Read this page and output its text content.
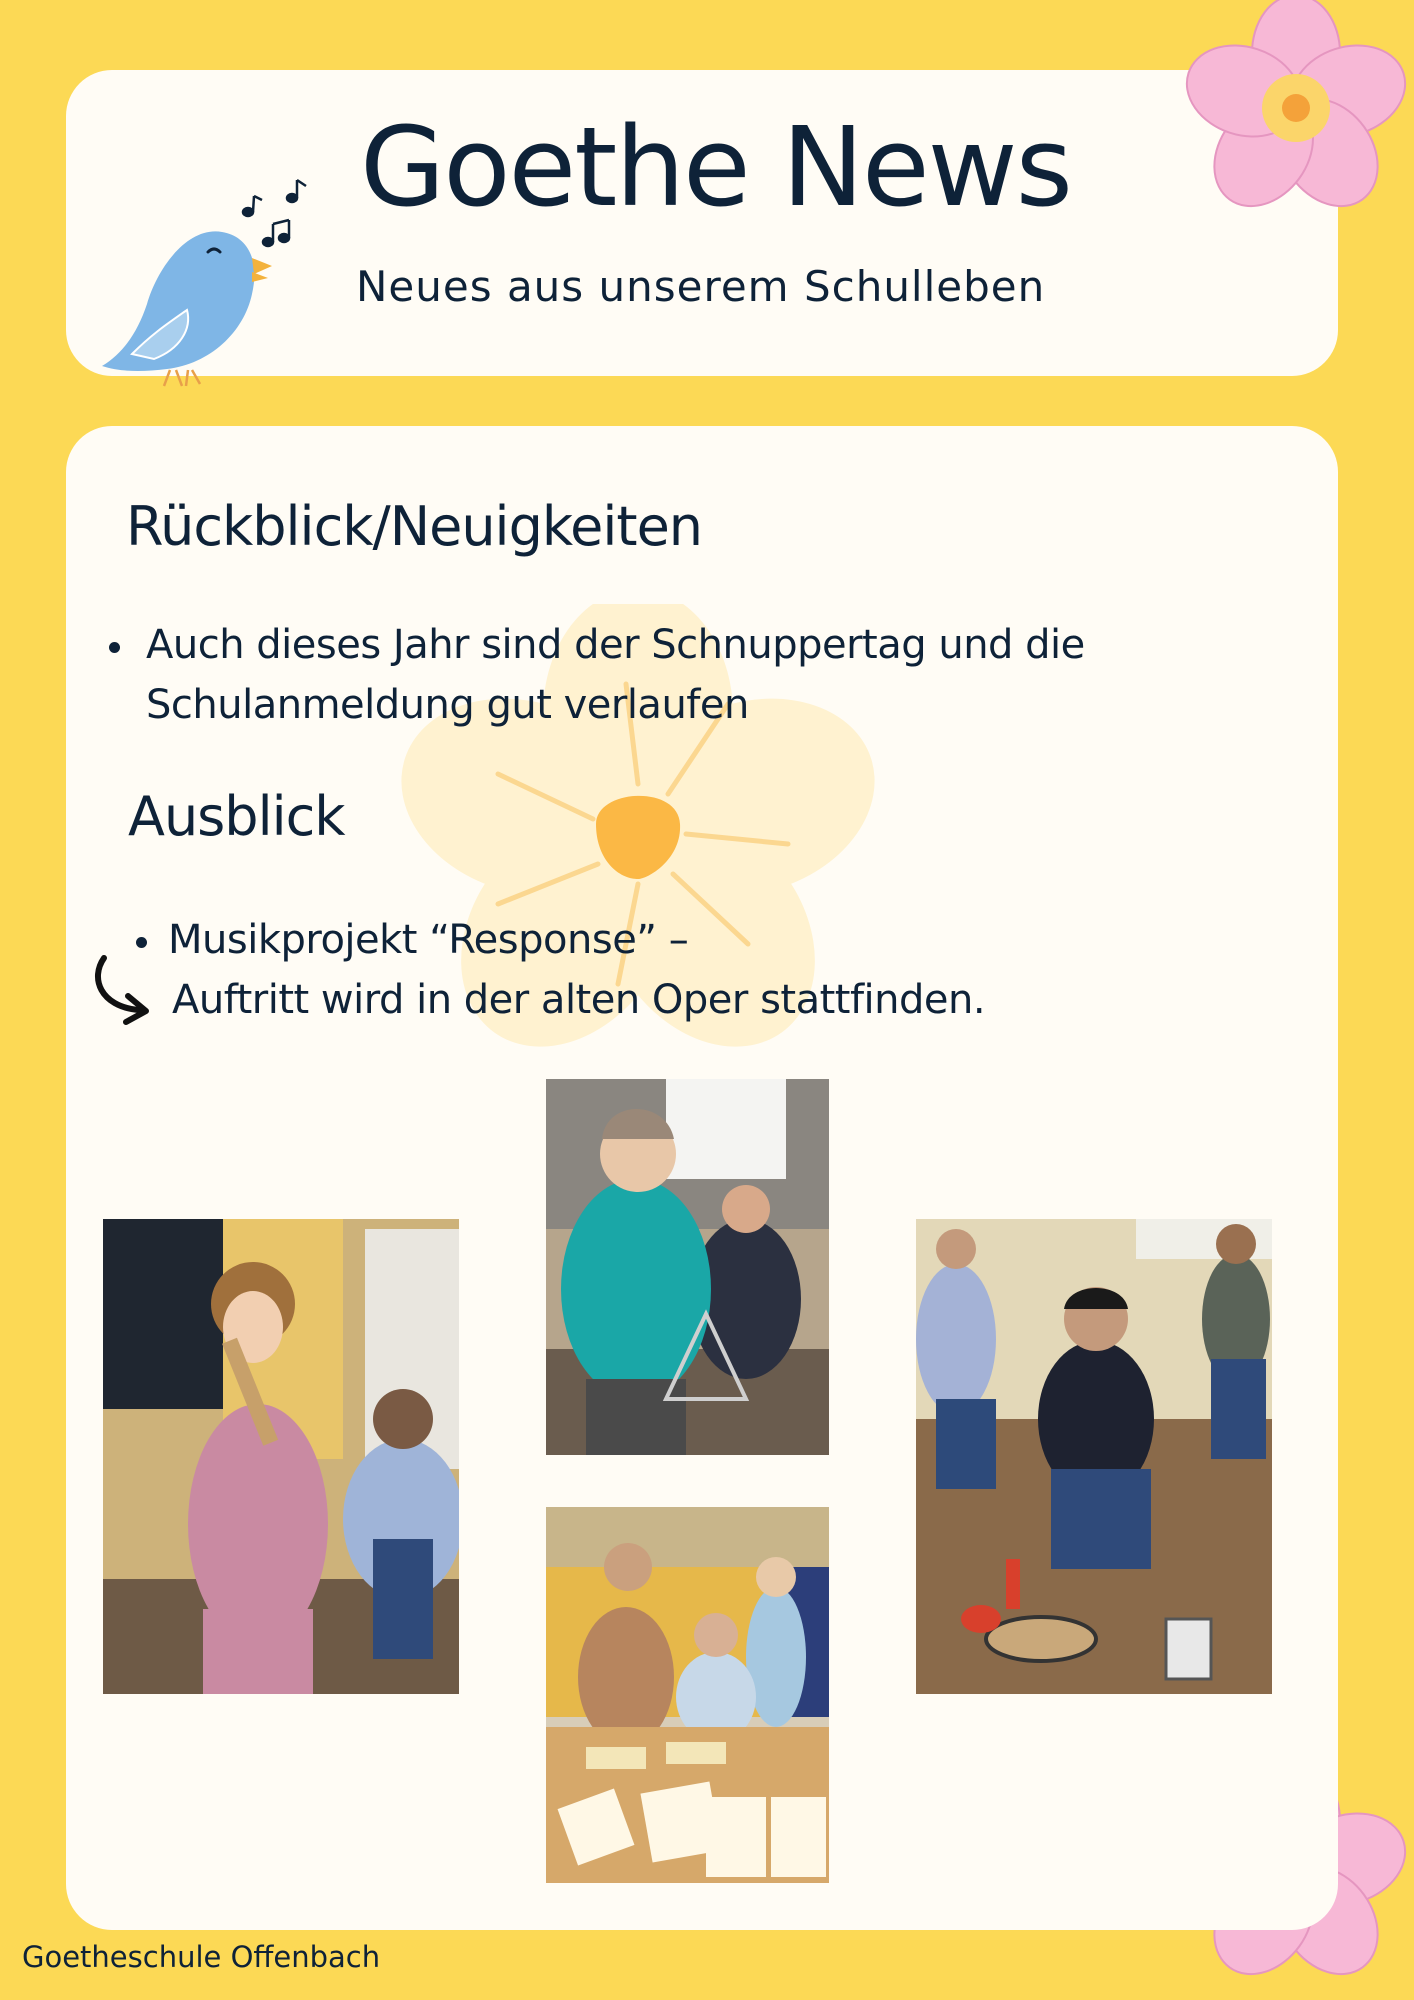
Goethe News
Neues aus unserem Schulleben
Rückblick/Neuigkeiten
Auch dieses Jahr sind der Schnuppertag und die
Schulanmeldung gut verlaufen
Ausblick
Musikprojekt “Response” –
Auftritt wird in der alten Oper stattfinden.
Goetheschule Offenbach
